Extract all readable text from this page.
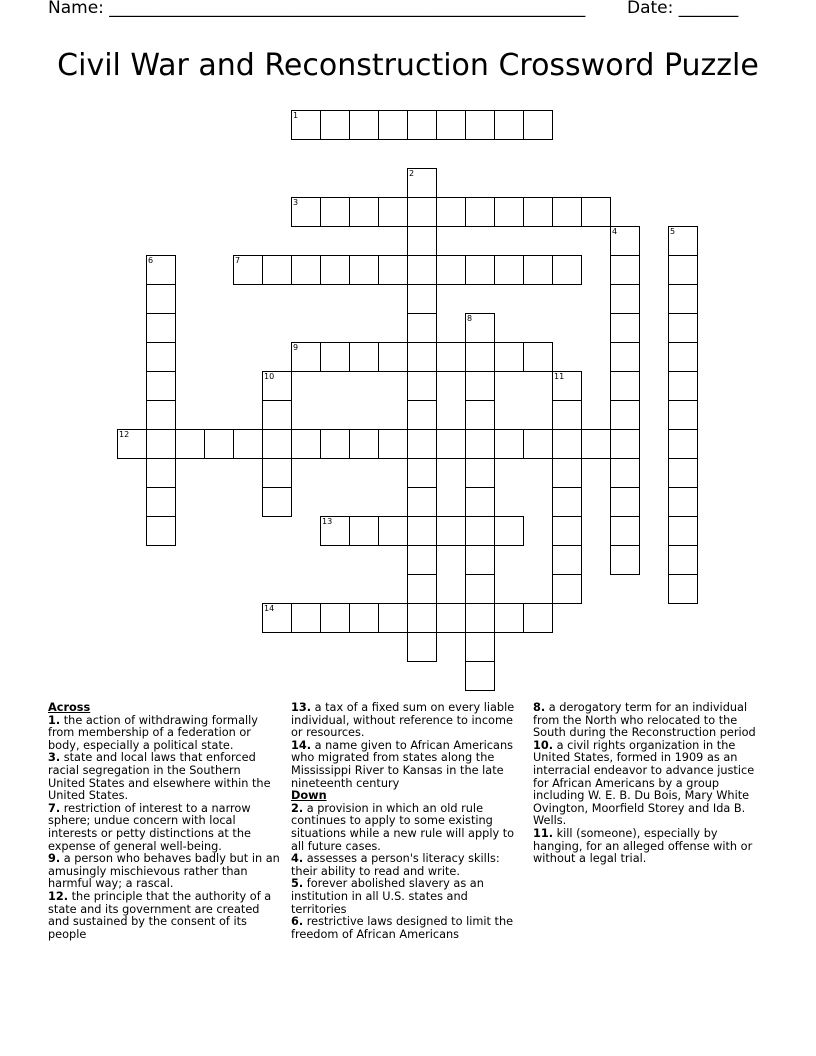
Name: ________________________________________________________ Date: _______
Civil War and Reconstruction Crossword Puzzle
1
3
7
9
12
13
14
2
4	5
6
8
10	11
Across
1. the action of withdrawing formally from membership of a federation or body, especially a political state.
3. state and local laws that enforced racial segregation in the Southern United States and elsewhere within the United States.
7. restriction of interest to a narrow sphere; undue concern with local interests or petty distinctions at the expense of general well-being.
9. a person who behaves badly but in an amusingly mischievous rather than harmful way; a rascal.
12. the principle that the authority of a state and its government are created and sustained by the consent of its people
13. a tax of a fixed sum on every liable individual, without reference to income or resources.
14. a name given to African Americans who migrated from states along the Mississippi River to Kansas in the late nineteenth century
Down
2. a provision in which an old rule continues to apply to some existing situations while a new rule will apply to all future cases.
4. assesses a person's literacy skills: their ability to read and write.
5. forever abolished slavery as an institution in all U.S. states and territories
6. restrictive laws designed to limit the freedom of African Americans
8. a derogatory term for an individual from the North who relocated to the South during the Reconstruction period
10. a civil rights organization in the United States, formed in 1909 as an interracial endeavor to advance justice for African Americans by a group including W. E. B. Du Bois, Mary White Ovington, Moorfield Storey and Ida B. Wells.
11. kill (someone), especially by hanging, for an alleged offense with or without a legal trial.
